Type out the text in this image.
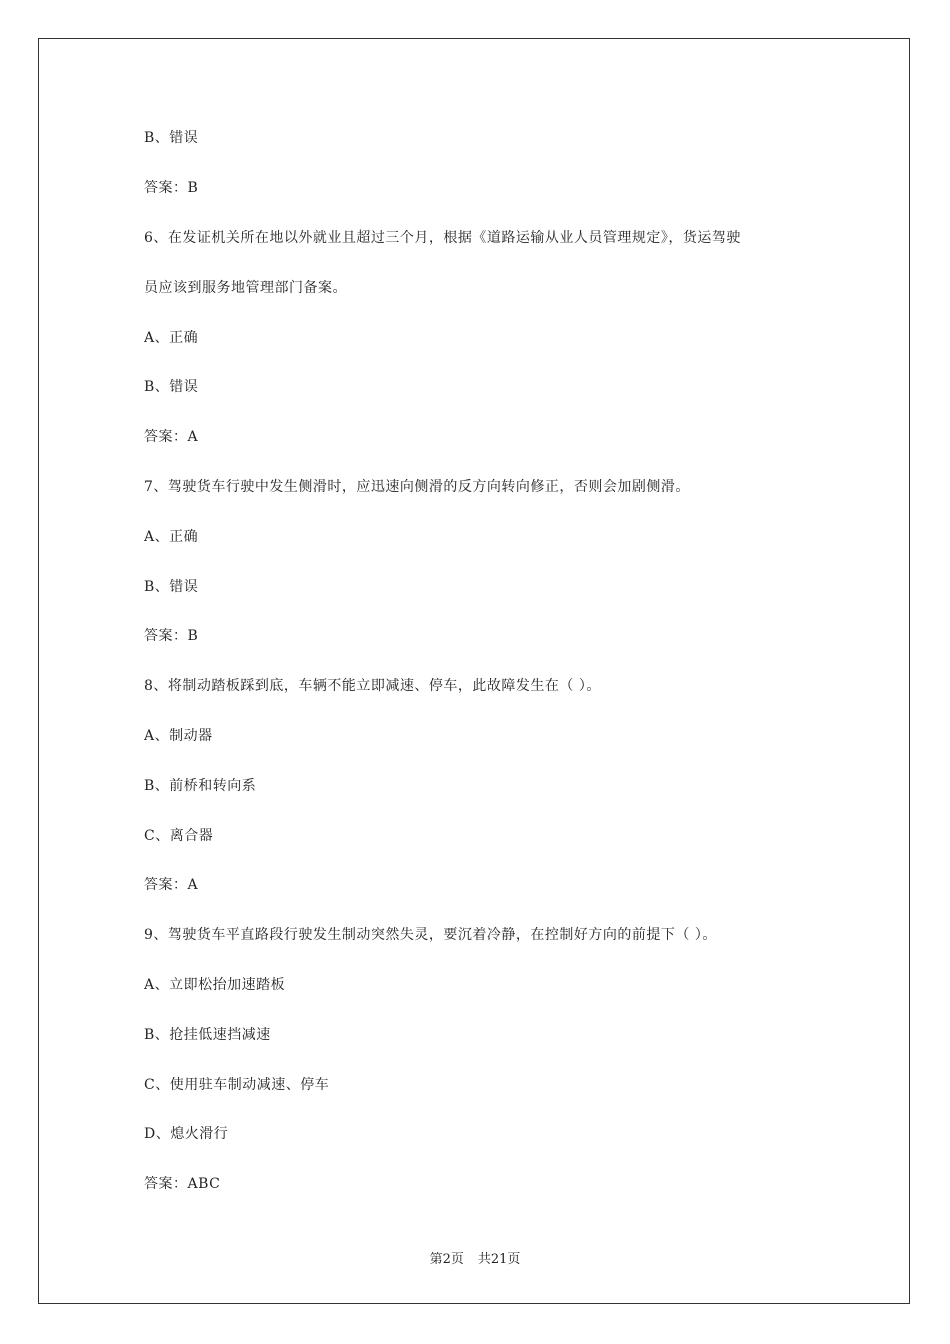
B、错误
答案：B
6、在发证机关所在地以外就业且超过三个月，根据《道路运输从业人员管理规定》，货运驾驶
员应该到服务地管理部门备案。
A、正确
B、错误
答案：A
7、驾驶货车行驶中发生侧滑时，应迅速向侧滑的反方向转向修正，否则会加剧侧滑。
A、正确
B、错误
答案：B
8、将制动踏板踩到底，车辆不能立即减速、停车，此故障发生在（ ）。
A、制动器
B、前桥和转向系
C、离合器
答案：A
9、驾驶货车平直路段行驶发生制动突然失灵，要沉着冷静，在控制好方向的前提下（ ）。
A、立即松抬加速踏板
B、抢挂低速挡减速
C、使用驻车制动减速、停车
D、熄火滑行
答案：ABC
第2页 共21页
